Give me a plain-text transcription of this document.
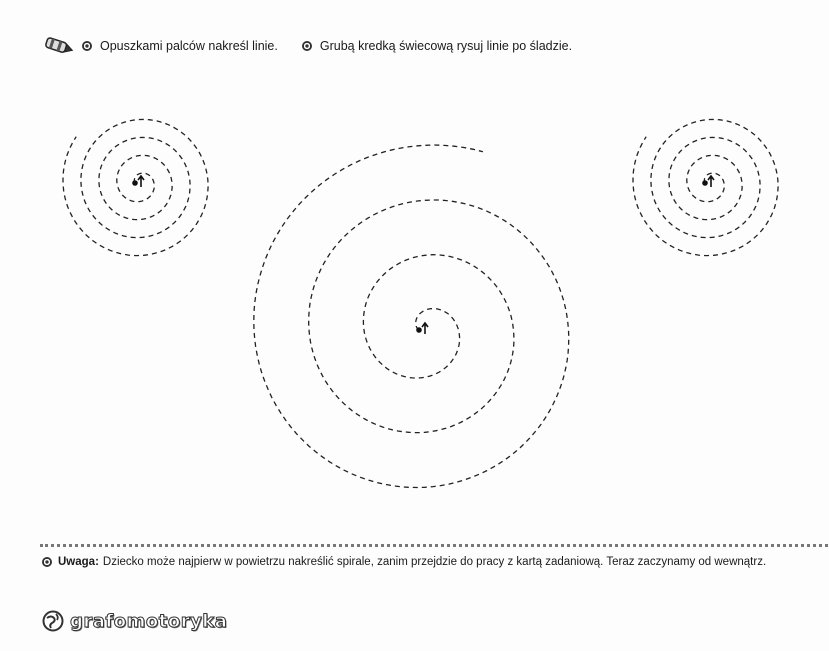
Opuszkami palców nakreśl linie.	Grubą kredką świecową rysuj linie po śladzie.
Uwaga: Dziecko może najpierw w powietrzu nakreślić spirale, zanim przejdzie do pracy z kartą zadaniową. Teraz zaczynamy od wewnątrz.
grafomotoryka
